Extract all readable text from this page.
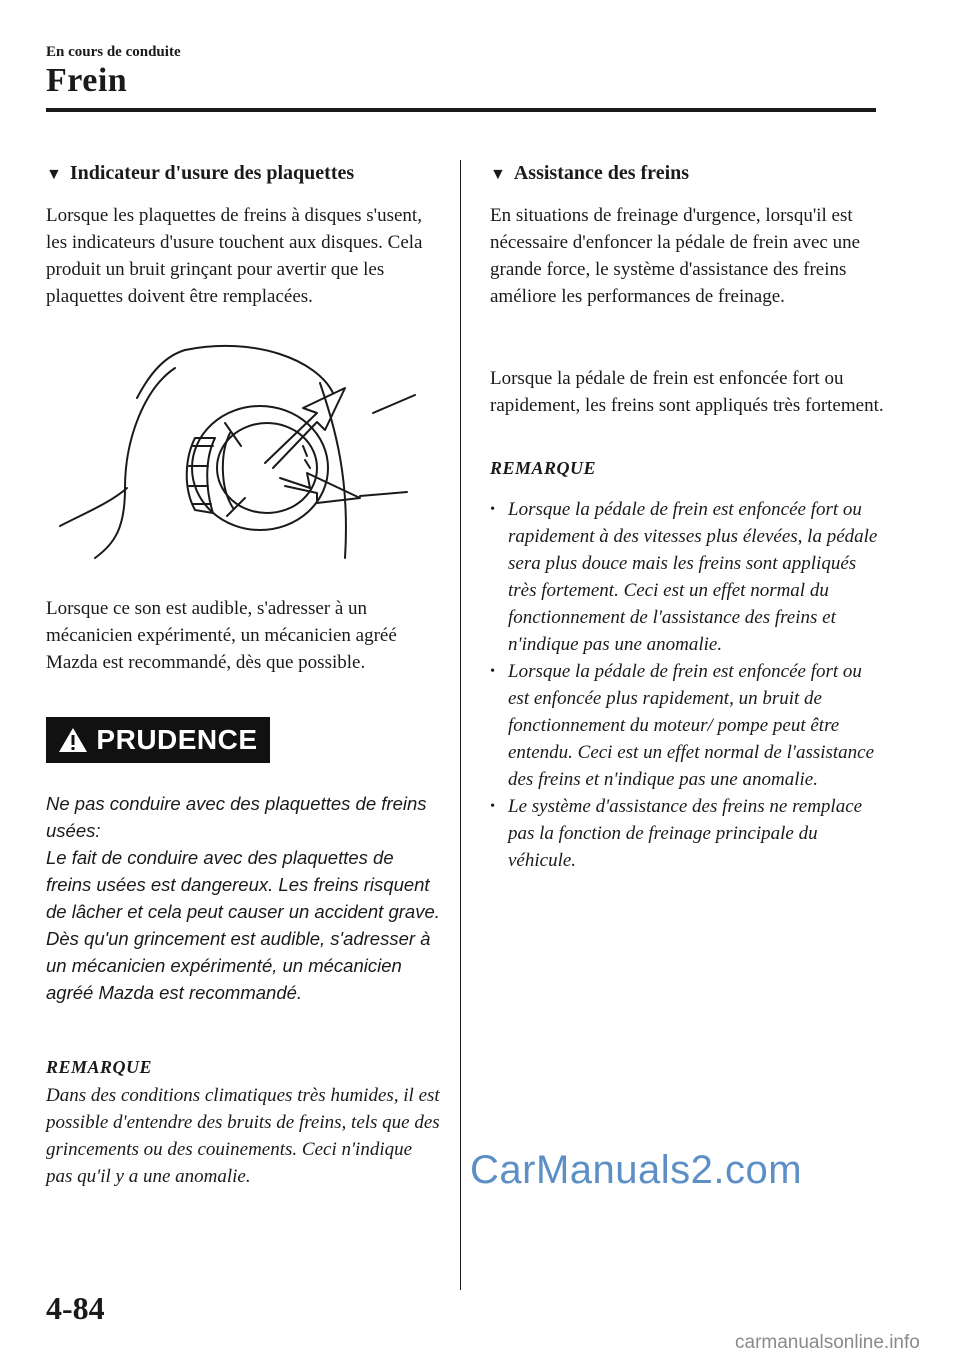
En cours de conduite
Frein
▼ Indicateur d'usure des plaquettes
Lorsque les plaquettes de freins à disques s'usent, les indicateurs d'usure touchent aux disques. Cela produit un bruit grinçant pour avertir que les plaquettes doivent être remplacées.
Lorsque ce son est audible, s'adresser à un mécanicien expérimenté, un mécanicien agréé Mazda est recommandé, dès que possible.
PRUDENCE
Ne pas conduire avec des plaquettes de freins usées:
Le fait de conduire avec des plaquettes de freins usées est dangereux. Les freins risquent de lâcher et cela peut causer un accident grave. Dès qu'un grincement est audible, s'adresser à un mécanicien expérimenté, un mécanicien agréé Mazda est recommandé.
REMARQUE
Dans des conditions climatiques très humides, il est possible d'entendre des bruits de freins, tels que des grincements ou des couinements. Ceci n'indique pas qu'il y a une anomalie.
▼ Assistance des freins
En situations de freinage d'urgence, lorsqu'il est nécessaire d'enfoncer la pédale de frein avec une grande force, le système d'assistance des freins améliore les performances de freinage.
Lorsque la pédale de frein est enfoncée fort ou rapidement, les freins sont appliqués très fortement.
REMARQUE
• Lorsque la pédale de frein est enfoncée fort ou rapidement à des vitesses plus élevées, la pédale sera plus douce mais les freins sont appliqués très fortement. Ceci est un effet normal du fonctionnement de l'assistance des freins et n'indique pas une anomalie.
• Lorsque la pédale de frein est enfoncée fort ou est enfoncée plus rapidement, un bruit de fonctionnement du moteur/ pompe peut être entendu. Ceci est un effet normal de l'assistance des freins et n'indique pas une anomalie.
• Le système d'assistance des freins ne remplace pas la fonction de freinage principale du véhicule.
CarManuals2.com
4-84
carmanualsonline.info
